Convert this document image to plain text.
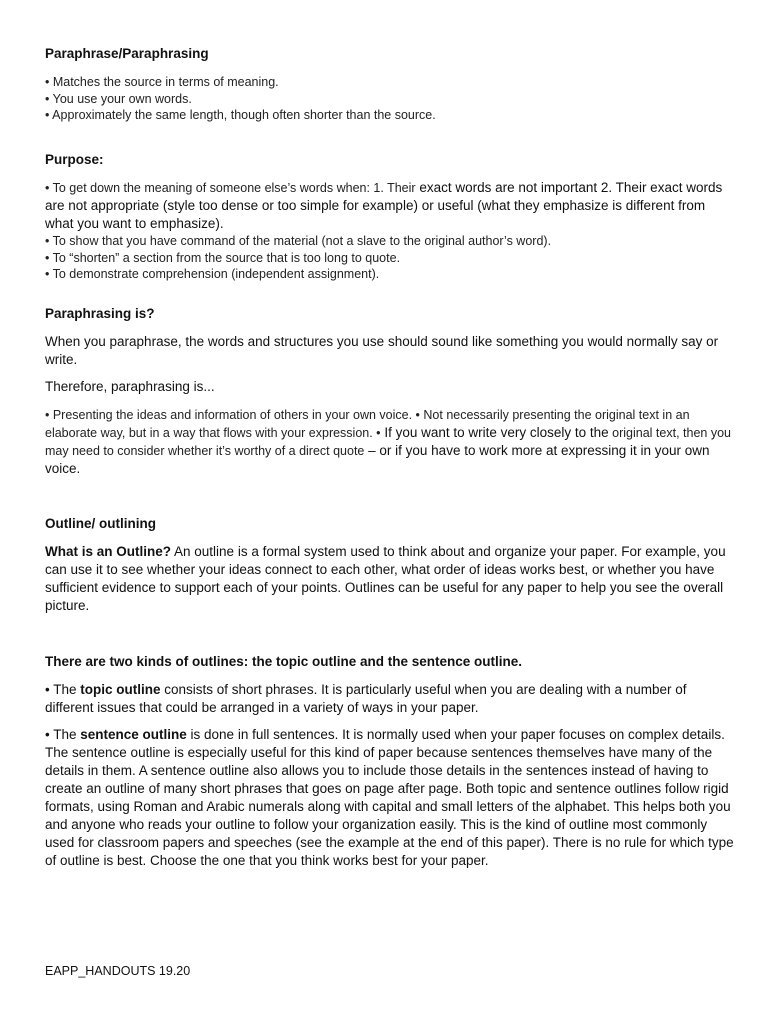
Paraphrase/Paraphrasing
• Matches the source in terms of meaning.
• You use your own words.
• Approximately the same length, though often shorter than the source.
Purpose:
• To get down the meaning of someone else’s words when: 1. Their exact words are not important 2. Their exact words are not appropriate (style too dense or too simple for example) or useful (what they emphasize is different from what you want to emphasize).
• To show that you have command of the material (not a slave to the original author’s word).
• To “shorten” a section from the source that is too long to quote.
• To demonstrate comprehension (independent assignment).
Paraphrasing is?
When you paraphrase, the words and structures you use should sound like something you would normally say or write.
Therefore, paraphrasing is...
• Presenting the ideas and information of others in your own voice. • Not necessarily presenting the original text in an elaborate way, but in a way that flows with your expression. • If you want to write very closely to the original text, then you may need to consider whether it’s worthy of a direct quote – or if you have to work more at expressing it in your own voice.
Outline/ outlining
What is an Outline? An outline is a formal system used to think about and organize your paper. For example, you can use it to see whether your ideas connect to each other, what order of ideas works best, or whether you have sufficient evidence to support each of your points. Outlines can be useful for any paper to help you see the overall picture.
There are two kinds of outlines: the topic outline and the sentence outline.
• The topic outline consists of short phrases. It is particularly useful when you are dealing with a number of different issues that could be arranged in a variety of ways in your paper.
• The sentence outline is done in full sentences. It is normally used when your paper focuses on complex details. The sentence outline is especially useful for this kind of paper because sentences themselves have many of the details in them. A sentence outline also allows you to include those details in the sentences instead of having to create an outline of many short phrases that goes on page after page. Both topic and sentence outlines follow rigid formats, using Roman and Arabic numerals along with capital and small letters of the alphabet. This helps both you and anyone who reads your outline to follow your organization easily. This is the kind of outline most commonly used for classroom papers and speeches (see the example at the end of this paper). There is no rule for which type of outline is best. Choose the one that you think works best for your paper.
EAPP_HANDOUTS 19.20
